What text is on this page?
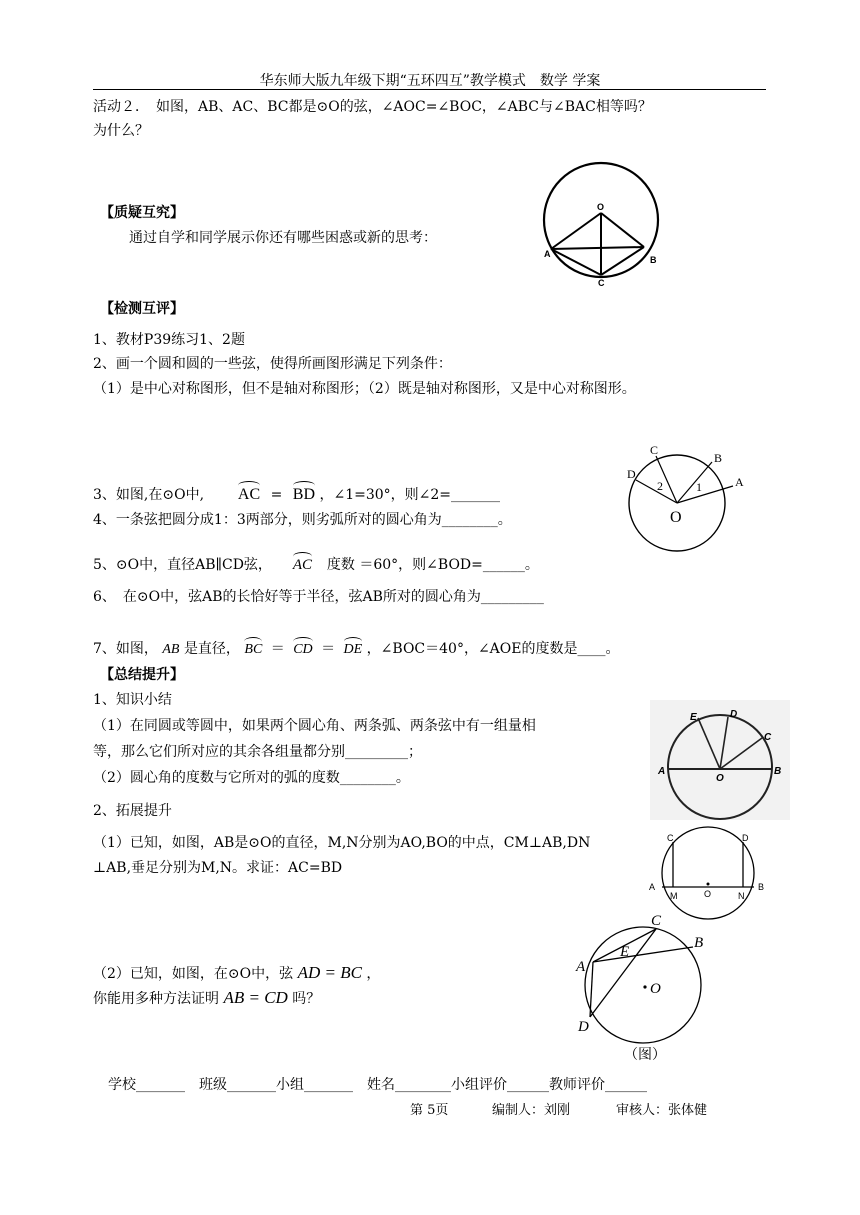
华东师大版九年级下期“五环四互”教学模式　数学 学案
活动２．　如图，AB、AC、BC都是⊙O的弦，∠AOC=∠BOC，∠ABC与∠BAC相等吗？
为什么？
O
A
B
C
【质疑互究】
通过自学和同学展示你还有哪些困惑或新的思考：
【检测互评】
1、教材P39练习1、2题
2、画一个圆和圆的一些弦，使得所画图形满足下列条件：
（1）是中心对称图形，但不是轴对称图形；（2）既是轴对称图形，又是中心对称图形。
C
D
B
A
O
2	1
3、如图,在⊙O中, AC = BD ，∠1=30°，则∠2=_______
4、一条弦把圆分成1：3两部分，则劣弧所对的圆心角为________。
5、⊙O中，直径AB∥CD弦， AC 度数 ＝60°，则∠BOD=______。
6、　在⊙O中，弦AB的长恰好等于半径，弦AB所对的圆心角为_________
7、如图， AB 是直径， BC ＝ CD ＝ DE ，∠BOC＝40°，∠AOE的度数是____。
【总结提升】
1、知识小结
（1）在同圆或等圆中，如果两个圆心角、两条弧、两条弦中有一组量相
等，那么它们所对应的其余各组量都分别_________；
（2）圆心角的度数与它所对的弧的度数________。	A	B
C
D
E
O
2、拓展提升
（1）已知，如图，AB是⊙O的直径，M,N分别为AO,BO的中点，CM⊥AB,DN
⊥AB,垂足分别为M,N。求证：AC=BD
C	D
A	B
M	O	N
（2）已知，如图，在⊙O中，弦 AD = BC ，
你能用多种方法证明 AB = CD 吗？
C
B
A
E
O
D
（图）
学校_______　班级_______小组_______　姓名________小组评价______教师评价______
第 5页	编制人：刘刚	审核人：张体健
